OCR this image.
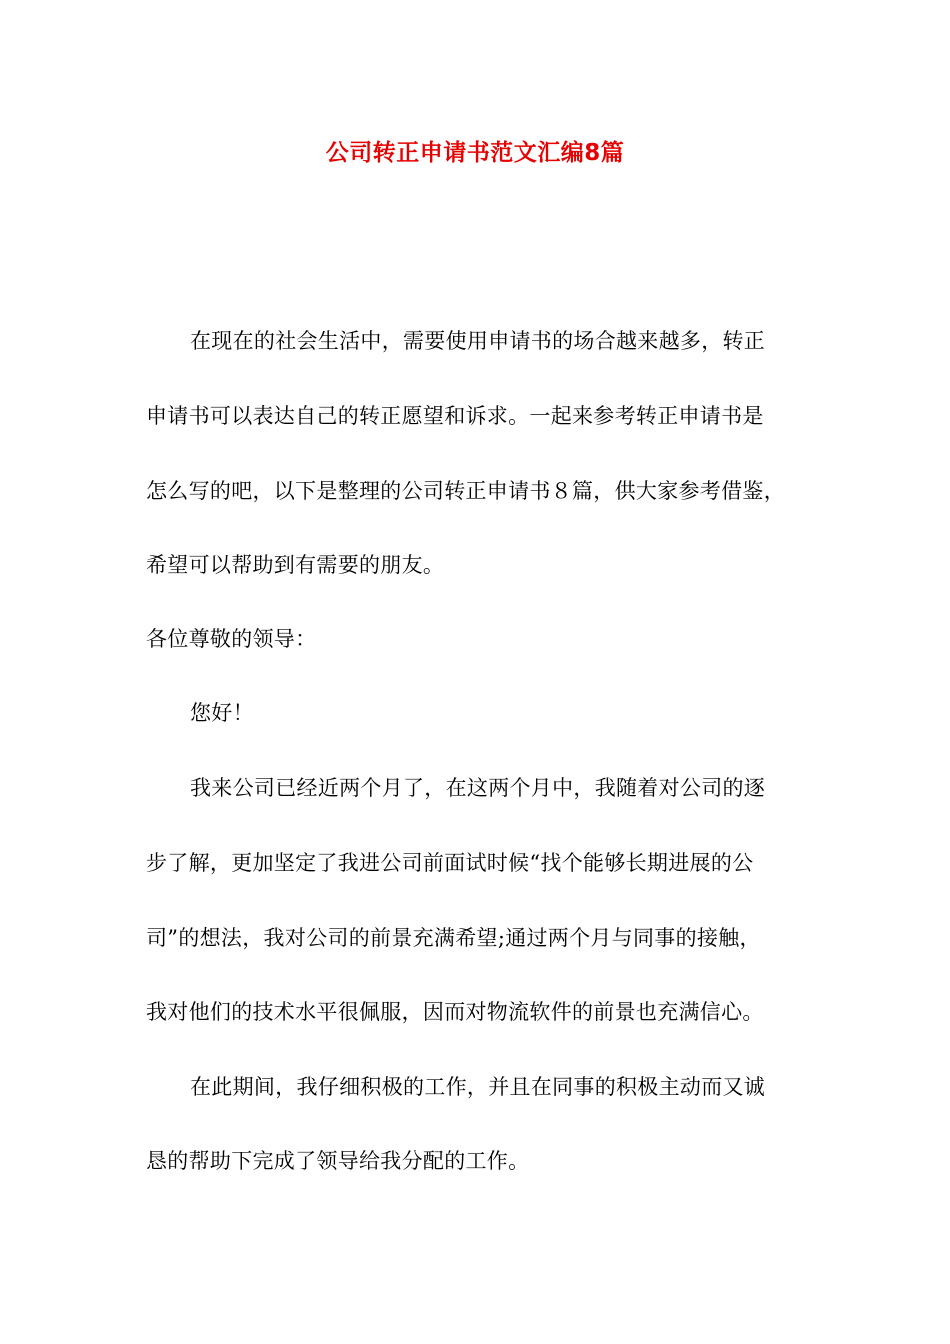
公司转正申请书范文汇编8篇

在现在的社会生活中，需要使用申请书的场合越来越多，转正

申请书可以表达自己的转正愿望和诉求。一起来参考转正申请书是

怎么写的吧，以下是整理的公司转正申请书８篇，供大家参考借鉴，

希望可以帮助到有需要的朋友。

各位尊敬的领导：

您好！

我来公司已经近两个月了，在这两个月中，我随着对公司的逐

步了解，更加坚定了我进公司前面试时候“找个能够长期进展的公

司”的想法，我对公司的前景充满希望;通过两个月与同事的接触，

我对他们的技术水平很佩服，因而对物流软件的前景也充满信心。

在此期间，我仔细积极的工作，并且在同事的积极主动而又诚

恳的帮助下完成了领导给我分配的工作。
